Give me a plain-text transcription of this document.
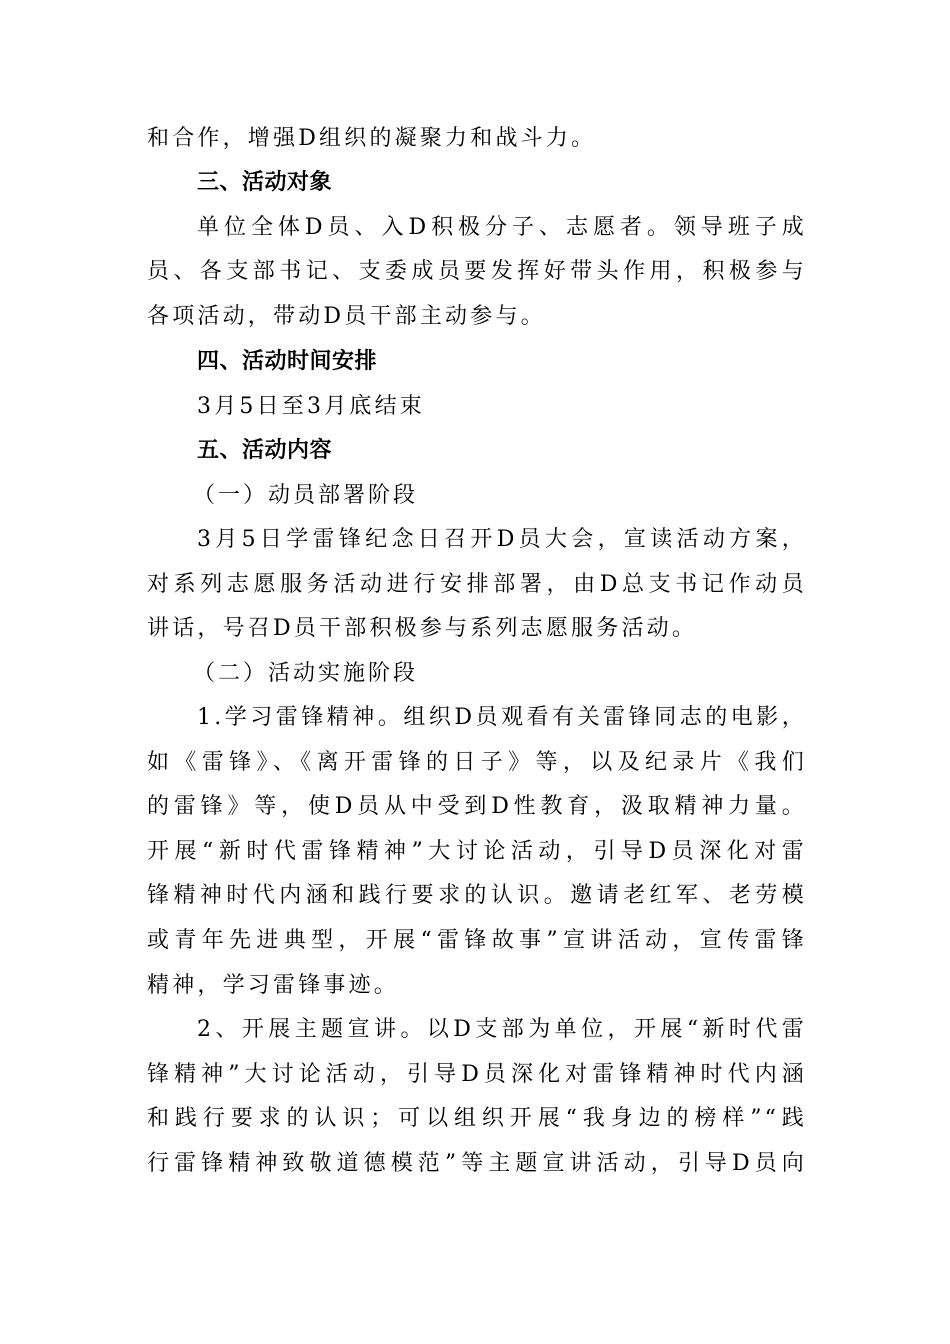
和合作，增强D组织的凝聚力和战斗力。
三、活动对象
单位全体D员、入D积极分子、志愿者。领导班子成
员、各支部书记、支委成员要发挥好带头作用，积极参与
各项活动，带动D员干部主动参与。
四、活动时间安排
3月5日至3月底结束
五、活动内容
（一）动员部署阶段
3月5日学雷锋纪念日召开D员大会，宣读活动方案，
对系列志愿服务活动进行安排部署，由D总支书记作动员
讲话，号召D员干部积极参与系列志愿服务活动。
（二）活动实施阶段
1.学习雷锋精神。组织D员观看有关雷锋同志的电影，
如《雷锋》、《离开雷锋的日子》等，以及纪录片《我们
的雷锋》等，使D员从中受到D性教育，汲取精神力量。
开展“新时代雷锋精神”大讨论活动，引导D员深化对雷
锋精神时代内涵和践行要求的认识。邀请老红军、老劳模
或青年先进典型，开展“雷锋故事”宣讲活动，宣传雷锋
精神，学习雷锋事迹。
2、开展主题宣讲。以D支部为单位，开展“新时代雷
锋精神”大讨论活动，引导D员深化对雷锋精神时代内涵
和践行要求的认识；可以组织开展“我身边的榜样”“践
行雷锋精神致敬道德模范”等主题宣讲活动，引导D员向
